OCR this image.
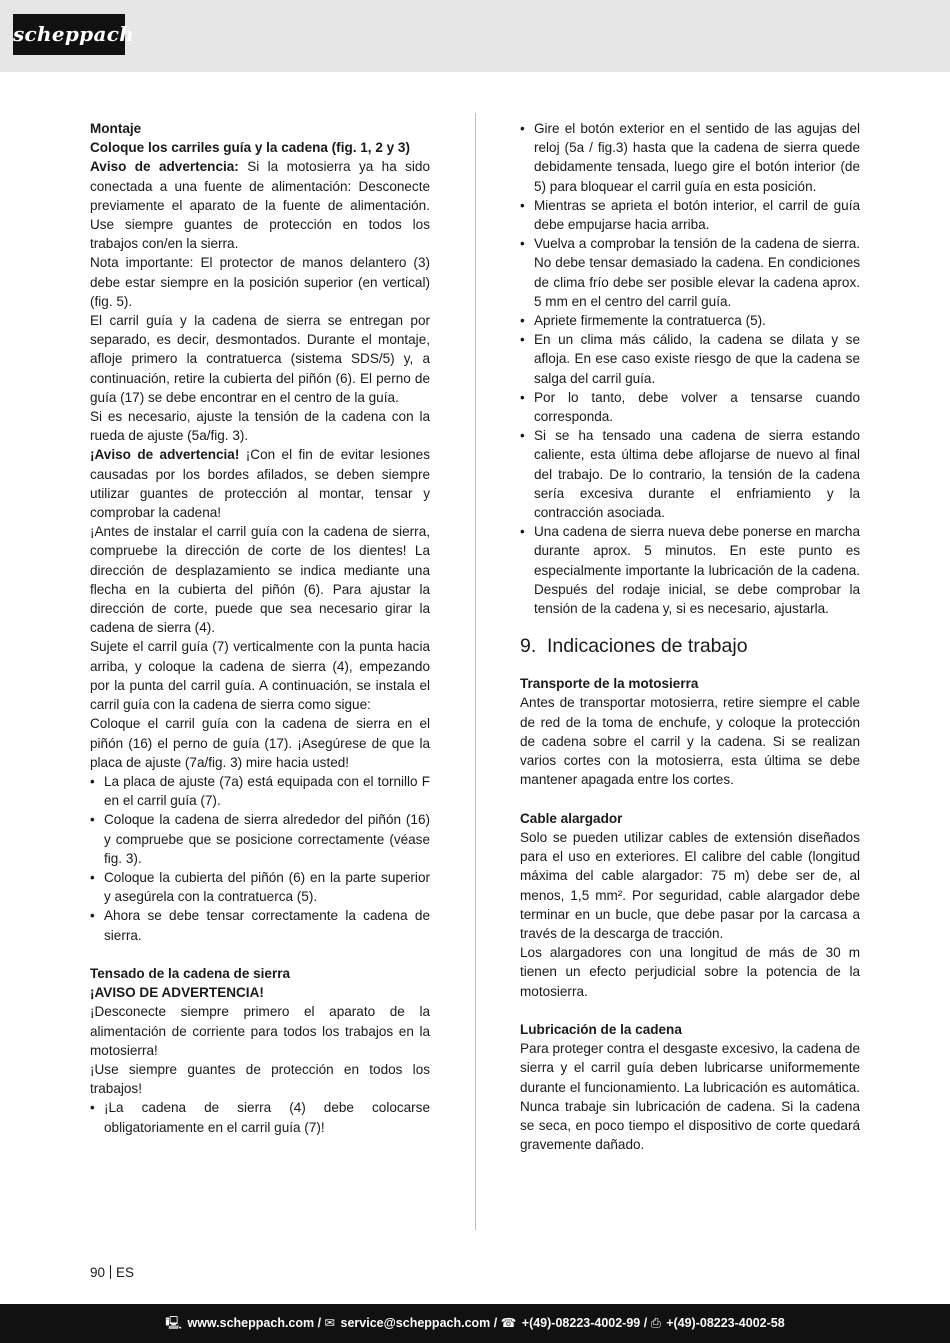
scheppach

Montaje

Coloque los carriles guía y la cadena (fig. 1, 2 y 3)

Aviso de advertencia: Si la motosierra ya ha sido conectada a una fuente de alimentación: Desconecte previamente el aparato de la fuente de alimentación. Use siempre guantes de protección en todos los trabajos con/en la sierra.

Nota importante: El protector de manos delantero (3) debe estar siempre en la posición superior (en vertical) (fig. 5).

El carril guía y la cadena de sierra se entregan por separado, es decir, desmontados. Durante el montaje, afloje primero la contratuerca (sistema SDS/5) y, a continuación, retire la cubierta del piñón (6). El perno de guía (17) se debe encontrar en el centro de la guía.

Si es necesario, ajuste la tensión de la cadena con la rueda de ajuste (5a/fig. 3).

¡Aviso de advertencia! ¡Con el fin de evitar lesiones causadas por los bordes afilados, se deben siempre utilizar guantes de protección al montar, tensar y comprobar la cadena!

¡Antes de instalar el carril guía con la cadena de sierra, compruebe la dirección de corte de los dientes! La dirección de desplazamiento se indica mediante una flecha en la cubierta del piñón (6). Para ajustar la dirección de corte, puede que sea necesario girar la cadena de sierra (4).

Sujete el carril guía (7) verticalmente con la punta hacia arriba, y coloque la cadena de sierra (4), empezando por la punta del carril guía. A continuación, se instala el carril guía con la cadena de sierra como sigue:

Coloque el carril guía con la cadena de sierra en el piñón (16) el perno de guía (17). ¡Asegúrese de que la placa de ajuste (7a/fig. 3) mire hacia usted!

• La placa de ajuste (7a) está equipada con el tornillo F en el carril guía (7).

• Coloque la cadena de sierra alrededor del piñón (16) y compruebe que se posicione correctamente (véase fig. 3).

• Coloque la cubierta del piñón (6) en la parte superior y asegúrela con la contratuerca (5).

• Ahora se debe tensar correctamente la cadena de sierra.

Tensado de la cadena de sierra

¡AVISO DE ADVERTENCIA!

¡Desconecte siempre primero el aparato de la alimentación de corriente para todos los trabajos en la motosierra!

¡Use siempre guantes de protección en todos los trabajos!

• ¡La cadena de sierra (4) debe colocarse obligatoriamente en el carril guía (7)!

• Gire el botón exterior en el sentido de las agujas del reloj (5a / fig.3) hasta que la cadena de sierra quede debidamente tensada, luego gire el botón interior (de 5) para bloquear el carril guía en esta posición.

• Mientras se aprieta el botón interior, el carril de guía debe empujarse hacia arriba.

• Vuelva a comprobar la tensión de la cadena de sierra. No debe tensar demasiado la cadena. En condiciones de clima frío debe ser posible elevar la cadena aprox. 5 mm en el centro del carril guía.

• Apriete firmemente la contratuerca (5).

• En un clima más cálido, la cadena se dilata y se afloja. En ese caso existe riesgo de que la cadena se salga del carril guía.

• Por lo tanto, debe volver a tensarse cuando corresponda.

• Si se ha tensado una cadena de sierra estando caliente, esta última debe aflojarse de nuevo al final del trabajo. De lo contrario, la tensión de la cadena sería excesiva durante el enfriamiento y la contracción asociada.

• Una cadena de sierra nueva debe ponerse en marcha durante aprox. 5 minutos. En este punto es especialmente importante la lubricación de la cadena. Después del rodaje inicial, se debe comprobar la tensión de la cadena y, si es necesario, ajustarla.

9. Indicaciones de trabajo

Transporte de la motosierra

Antes de transportar motosierra, retire siempre el cable de red de la toma de enchufe, y coloque la protección de cadena sobre el carril y la cadena. Si se realizan varios cortes con la motosierra, esta última se debe mantener apagada entre los cortes.

Cable alargador

Solo se pueden utilizar cables de extensión diseñados para el uso en exteriores. El calibre del cable (longitud máxima del cable alargador: 75 m) debe ser de, al menos, 1,5 mm². Por seguridad, cable alargador debe terminar en un bucle, que debe pasar por la carcasa a través de la descarga de tracción.

Los alargadores con una longitud de más de 30 m tienen un efecto perjudicial sobre la potencia de la motosierra.

Lubricación de la cadena

Para proteger contra el desgaste excesivo, la cadena de sierra y el carril guía deben lubricarse uniformemente durante el funcionamiento. La lubricación es automática. Nunca trabaje sin lubricación de cadena. Si la cadena se seca, en poco tiempo el dispositivo de corte quedará gravemente dañado.

90 ES
🖳 www.scheppach.com / ✉ service@scheppach.com / ☎ +(49)-08223-4002-99 / ⎙ +(49)-08223-4002-58
